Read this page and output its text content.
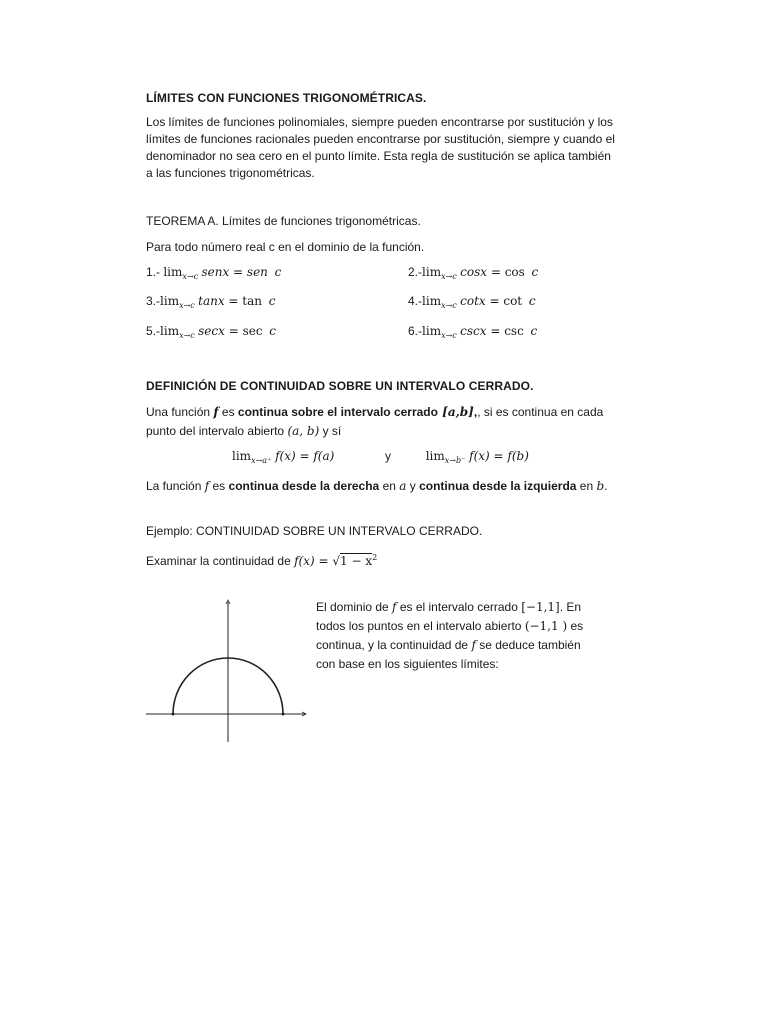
LÍMITES CON FUNCIONES TRIGONOMÉTRICAS.
Los límites de funciones polinomiales, siempre pueden encontrarse por sustitución y los límites de funciones racionales pueden encontrarse por sustitución, siempre y cuando el denominador no sea cero en el punto límite. Esta regla de sustitución se aplica también a las funciones trigonométricas.
TEOREMA A. Límites de funciones trigonométricas.
Para todo número real c en el dominio de la función.
1.- $\lim_{x\to c}$ senx = sen c	$2.-\lim_{x\to c}$ cosx = cos c
$3.-\lim_{x\to c}$ tanx = tan c	$4.-\lim_{x\to c}$ cotx = cot c
$5.-\lim_{x\to c}$ secx = sec c	$6.-\lim_{x\to c}$ cscx = csc c
DEFINICIÓN DE CONTINUIDAD SOBRE UN INTERVALO CERRADO.
Una función f es continua sobre el intervalo cerrado [a,b],, si es continua en cada punto del intervalo abierto (a, b) y sí
$\lim_{x\to a^+} f(x) = f(a)$	y	$\lim_{x\to b^-} f(x) = f(b)$
La función f es continua desde la derecha en a y continua desde la izquierda en b.
Ejemplo: CONTINUIDAD SOBRE UN INTERVALO CERRADO.
Examinar la continuidad de $f(x) = √1 - x^2$
El dominio de f es el intervalo cerrado [−1,1]. En todos los puntos en el intervalo abierto (−1,1 ) es continua, y la continuidad de f se deduce también con base en los siguientes límites:
